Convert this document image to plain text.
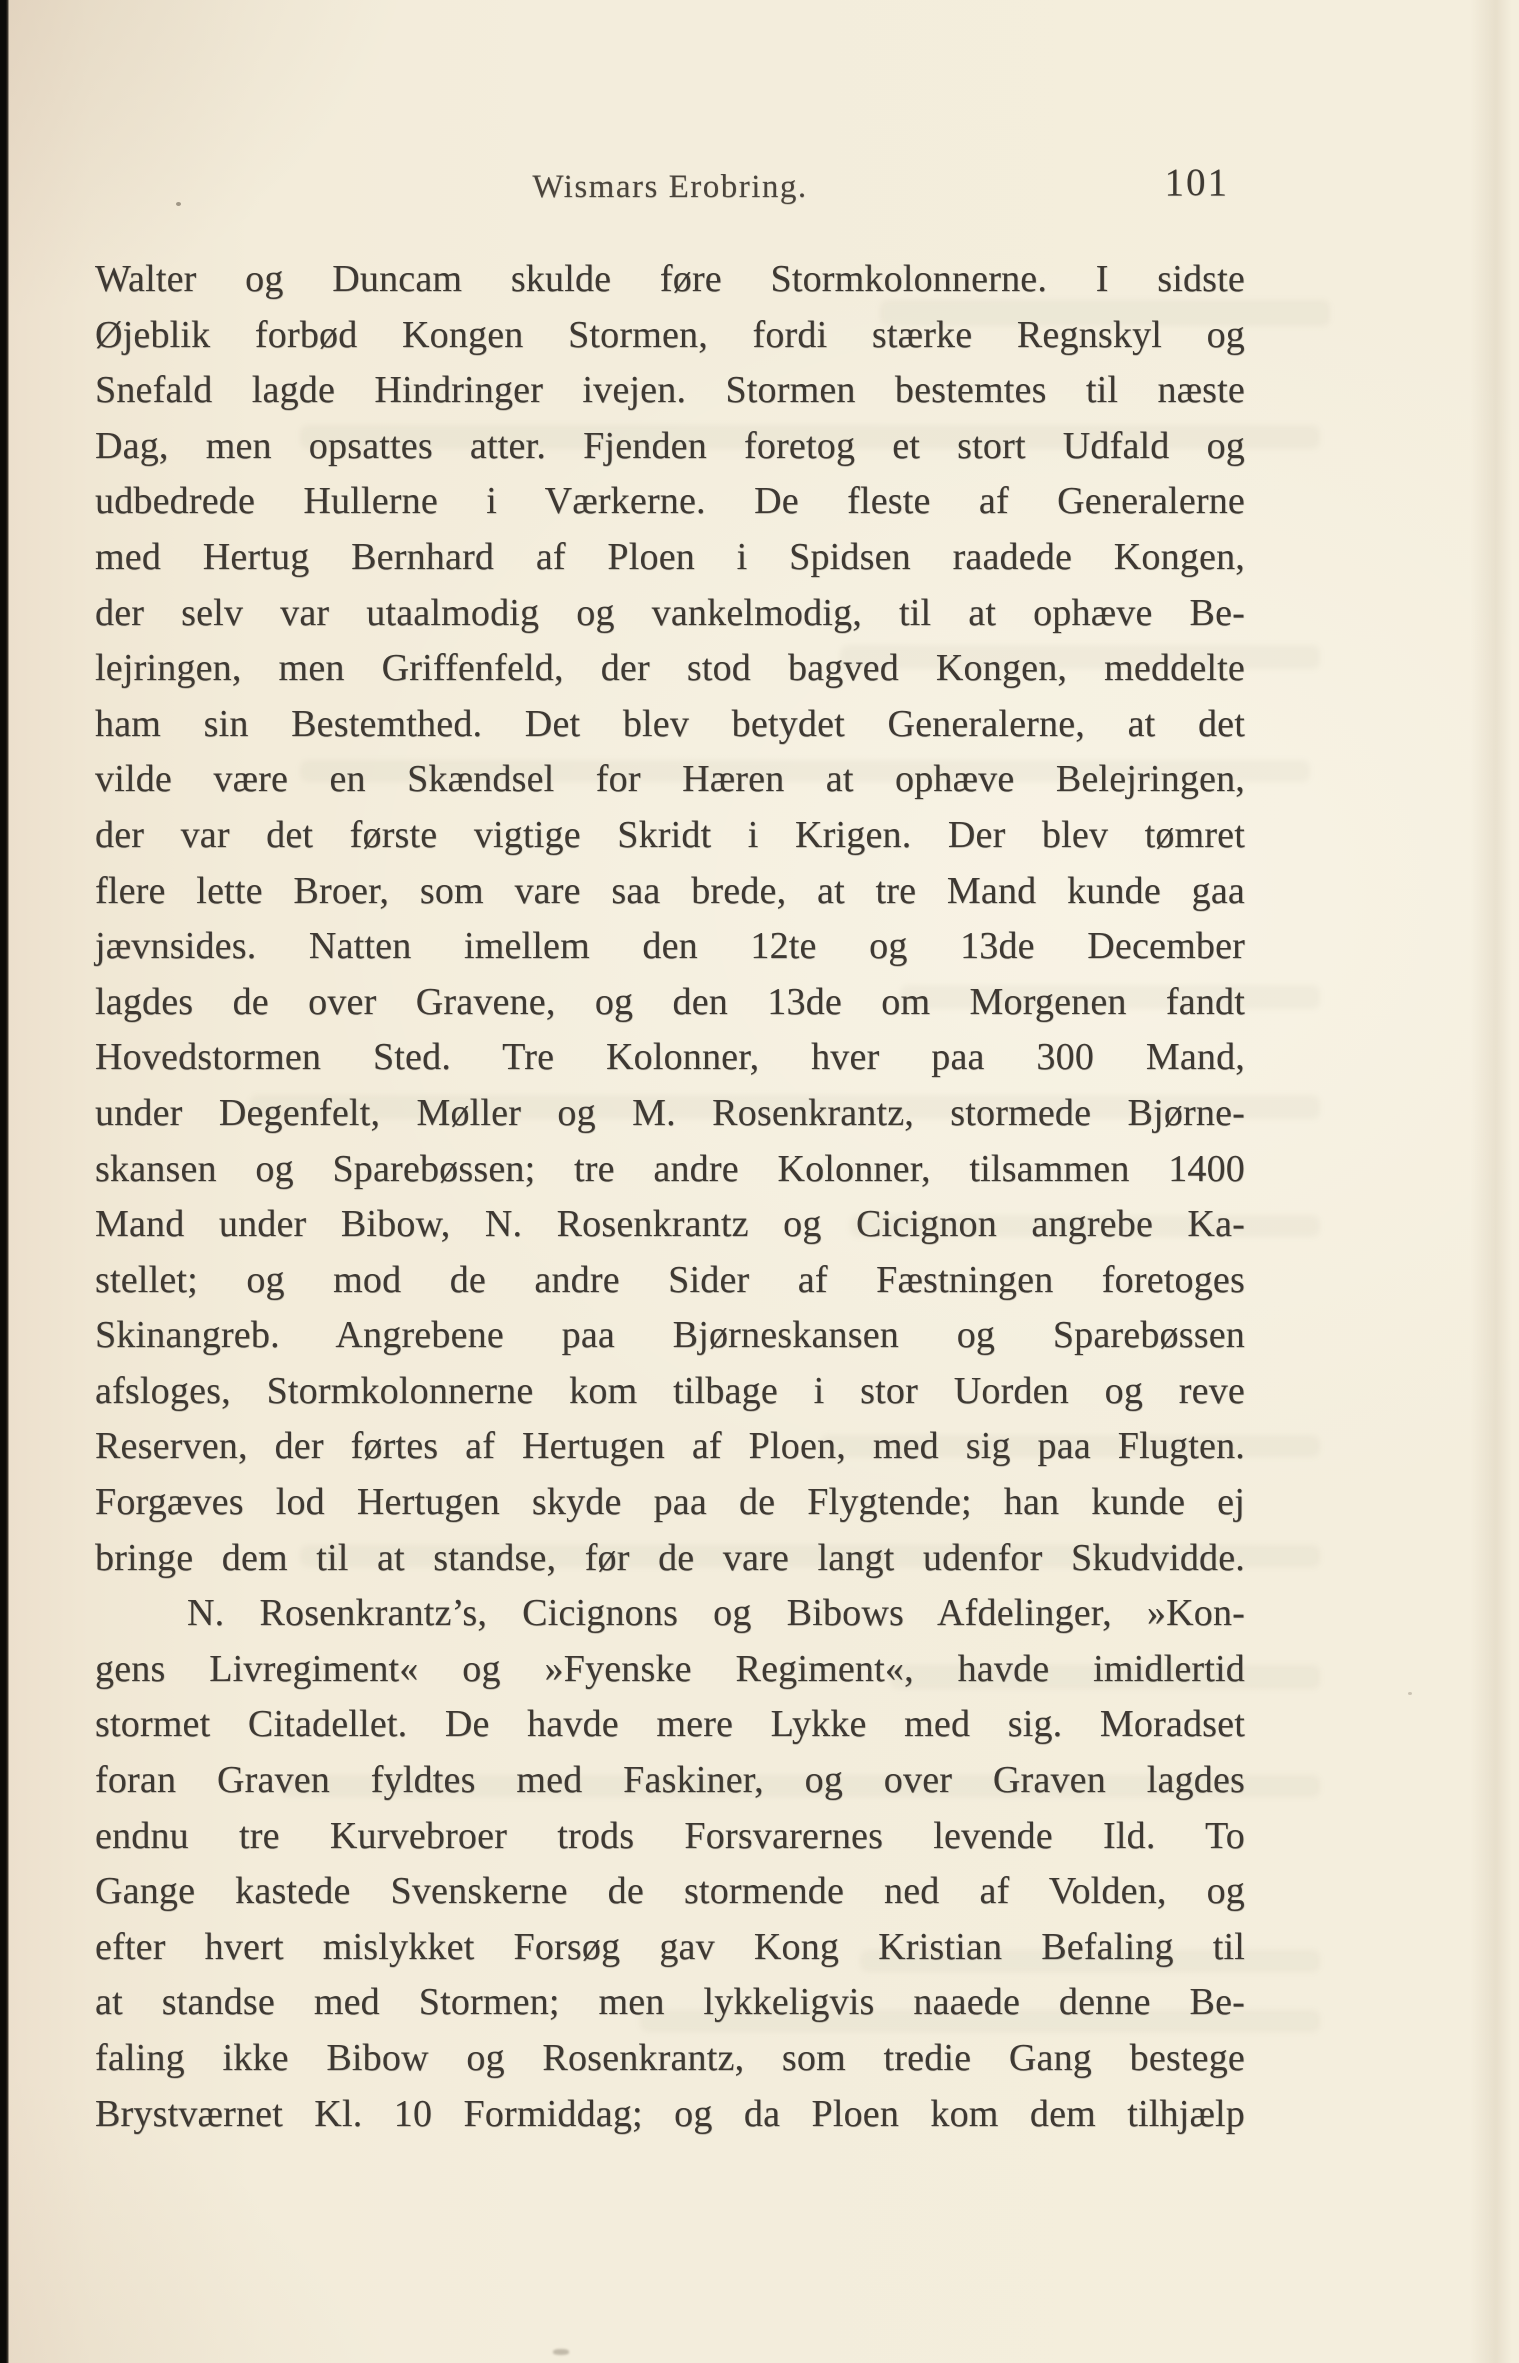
Wismars Erobring.	101
Walter og Duncam skulde føre Stormkolonnerne. I sidste
Øjeblik forbød Kongen Stormen, fordi stærke Regnskyl og
Snefald lagde Hindringer ivejen. Stormen bestemtes til næste
Dag, men opsattes atter. Fjenden foretog et stort Udfald og
udbedrede Hullerne i Værkerne. De fleste af Generalerne
med Hertug Bernhard af Ploen i Spidsen raadede Kongen,
der selv var utaalmodig og vankelmodig, til at ophæve Be-
lejringen, men Griffenfeld, der stod bagved Kongen, meddelte
ham sin Bestemthed. Det blev betydet Generalerne, at det
vilde være en Skændsel for Hæren at ophæve Belejringen,
der var det første vigtige Skridt i Krigen. Der blev tømret
flere lette Broer, som vare saa brede, at tre Mand kunde gaa
jævnsides. Natten imellem den 12te og 13de December
lagdes de over Gravene, og den 13de om Morgenen fandt
Hovedstormen Sted. Tre Kolonner, hver paa 300 Mand,
under Degenfelt, Møller og M. Rosenkrantz, stormede Bjørne-
skansen og Sparebøssen; tre andre Kolonner, tilsammen 1400
Mand under Bibow, N. Rosenkrantz og Cicignon angrebe Ka-
stellet; og mod de andre Sider af Fæstningen foretoges
Skinangreb. Angrebene paa Bjørneskansen og Sparebøssen
afsloges, Stormkolonnerne kom tilbage i stor Uorden og reve
Reserven, der førtes af Hertugen af Ploen, med sig paa Flugten.
Forgæves lod Hertugen skyde paa de Flygtende; han kunde ej
bringe dem til at standse, før de vare langt udenfor Skudvidde.
N. Rosenkrantz’s, Cicignons og Bibows Afdelinger, »Kon-
gens Livregiment« og »Fyenske Regiment«, havde imidlertid
stormet Citadellet. De havde mere Lykke med sig. Moradset
foran Graven fyldtes med Faskiner, og over Graven lagdes
endnu tre Kurvebroer trods Forsvarernes levende Ild. To
Gange kastede Svenskerne de stormende ned af Volden, og
efter hvert mislykket Forsøg gav Kong Kristian Befaling til
at standse med Stormen; men lykkeligvis naaede denne Be-
faling ikke Bibow og Rosenkrantz, som tredie Gang bestege
Brystværnet Kl. 10 Formiddag; og da Ploen kom dem tilhjælp
